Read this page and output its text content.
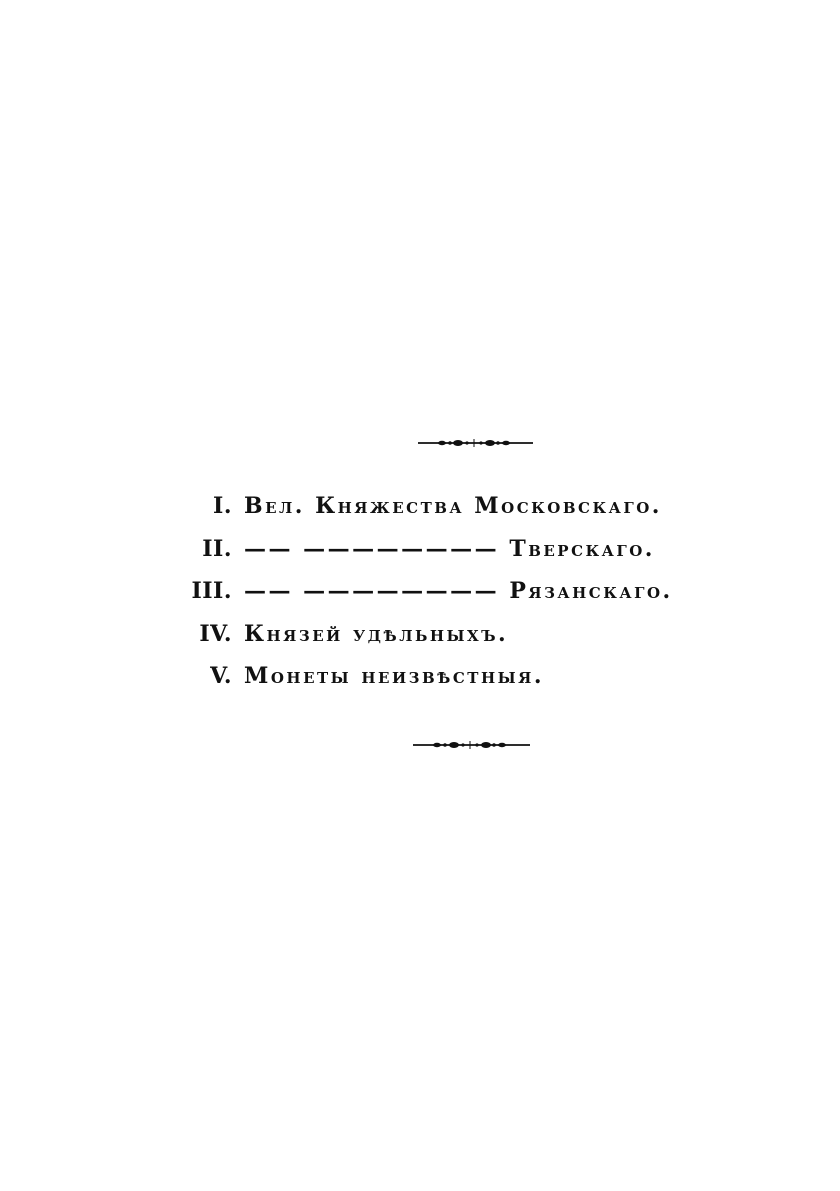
I. Вел. Княжества Московскаго.
II. —— ———————— Тверскаго.
III. —— ———————— Рязанскаго.
IV. Князей удѣльныхъ.
V. Монеты неизвѣстныя.
